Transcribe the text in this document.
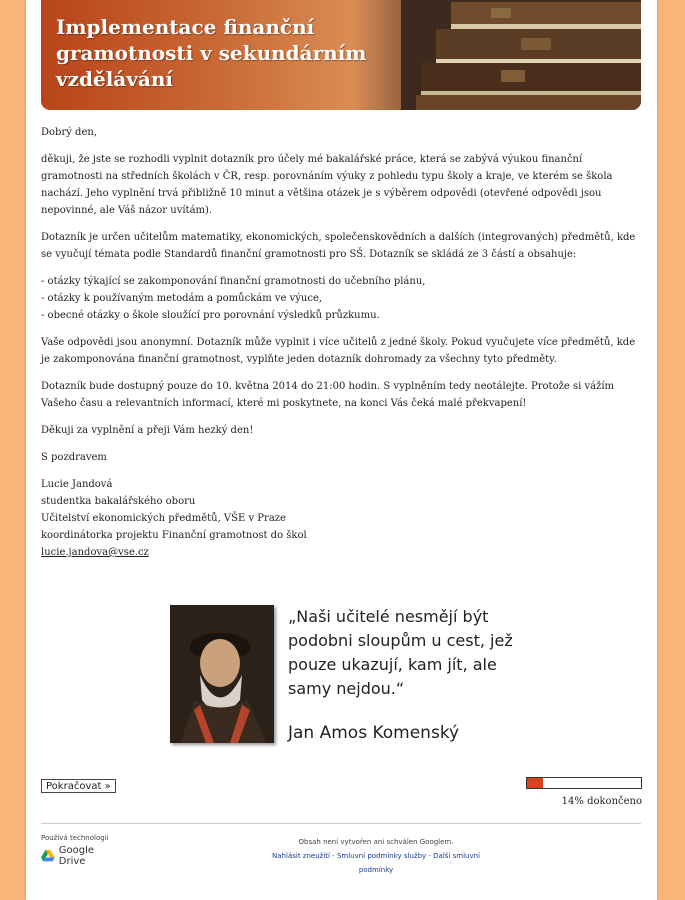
Implementace finanční gramotnosti v sekundárním vzdělávání

Dobrý den,

děkuji, že jste se rozhodli vyplnit dotazník pro účely mé bakalářské práce, která se zabývá výukou finanční gramotnosti na středních školách v ČR, resp. porovnáním výuky z pohledu typu školy a kraje, ve kterém se škola nachází. Jeho vyplnění trvá přibližně 10 minut a většina otázek je s výběrem odpovědi (otevřené odpovědi jsou nepovinné, ale Váš názor uvítám).

Dotazník je určen učitelům matematiky, ekonomických, společenskovědních a dalších (integrovaných) předmětů, kde se vyučují témata podle Standardů finanční gramotnosti pro SŠ. Dotazník se skládá ze 3 částí a obsahuje:

- otázky týkající se zakomponování finanční gramotnosti do učebního plánu,
- otázky k používaným metodám a pomůckám ve výuce,
- obecné otázky o škole sloužící pro porovnání výsledků průzkumu.

Vaše odpovědi jsou anonymní. Dotazník může vyplnit i více učitelů z jedné školy. Pokud vyučujete více předmětů, kde je zakomponována finanční gramotnost, vyplňte jeden dotazník dohromady za všechny tyto předměty.

Dotazník bude dostupný pouze do 10. května 2014 do 21:00 hodin. S vyplněním tedy neotálejte. Protože si vážím Vašeho času a relevantních informací, které mi poskytnete, na konci Vás čeká malé překvapení!

Děkuji za vyplnění a přeji Vám hezký den!

S pozdravem

Lucie Jandová
studentka bakalářského oboru
Učitelství ekonomických předmětů, VŠE v Praze
koordinátorka projektu Finanční gramotnost do škol
lucie.jandova@vse.cz
„Naši učitelé nesmějí být podobni sloupům u cest, jež pouze ukazují, kam jít, ale samy nejdou.“
Jan Amos Komenský
Pokračovat »
14% dokončeno
Používá technologii
Google Drive
Obsah není vytvořen ani schválen Googlem.
Nahlásit zneužití - Smluvní podmínky služby - Další smluvní podmínky
